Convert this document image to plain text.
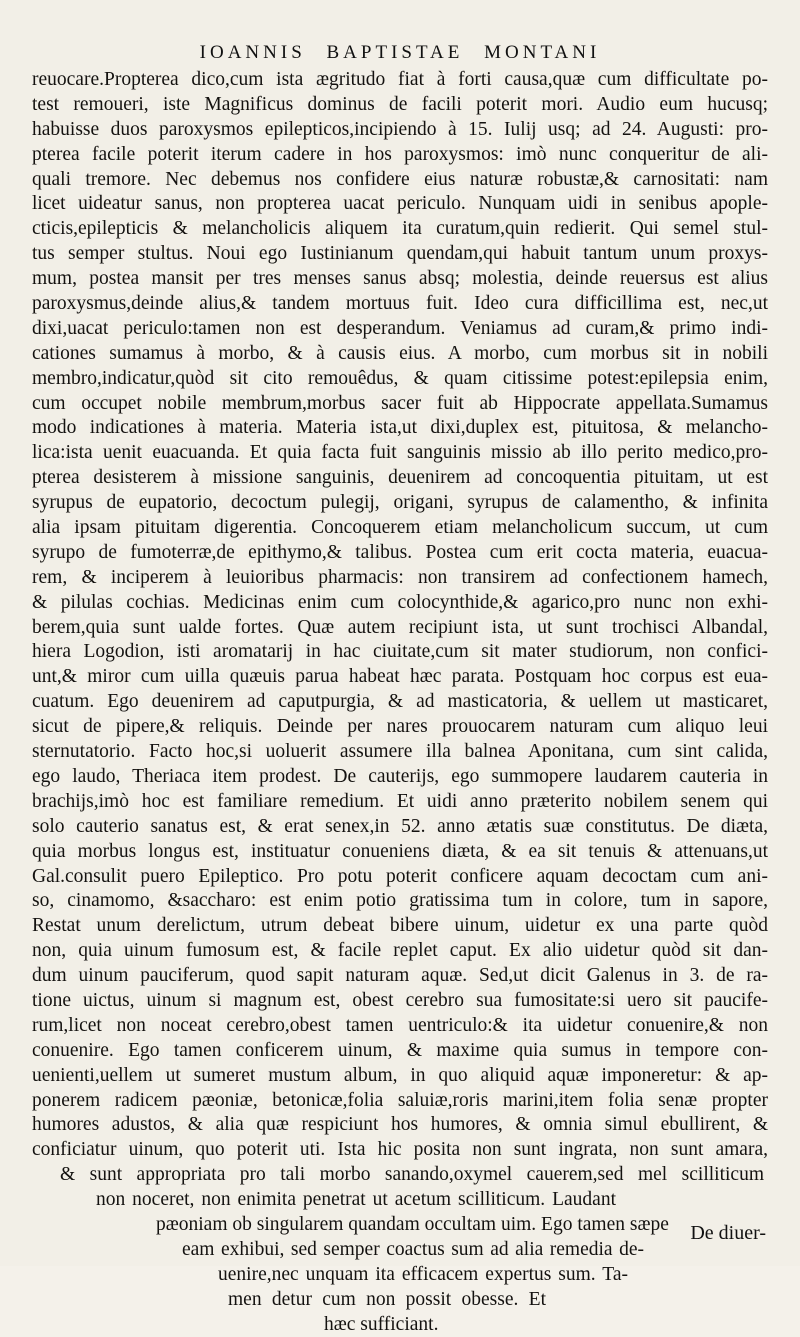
IOANNIS BAPTISTAE MONTANI
reuocare.Propterea dico,cum ista ægritudo fiat à forti causa,quæ cum difficultate po-
test remoueri, iste Magnificus dominus de facili poterit mori. Audio eum hucusq;
habuisse duos paroxysmos epilepticos,incipiendo à 15. Iulij usq; ad 24. Augusti: pro-
pterea facile poterit iterum cadere in hos paroxysmos: imò nunc conqueritur de ali-
quali tremore. Nec debemus nos confidere eius naturæ robustæ,& carnositati: nam
licet uideatur sanus, non propterea uacat periculo. Nunquam uidi in senibus apople-
cticis,epilepticis & melancholicis aliquem ita curatum,quin redierit. Qui semel stul-
tus semper stultus. Noui ego Iustinianum quendam,qui habuit tantum unum proxys-
mum, postea mansit per tres menses sanus absq; molestia, deinde reuersus est alius
paroxysmus,deinde alius,& tandem mortuus fuit. Ideo cura difficillima est, nec,ut
dixi,uacat periculo:tamen non est desperandum. Veniamus ad curam,& primo indi-
cationes sumamus à morbo, & à causis eius. A morbo, cum morbus sit in nobili
membro,indicatur,quòd sit cito remouêdus, & quam citissime potest:epilepsia enim,
cum occupet nobile membrum,morbus sacer fuit ab Hippocrate appellata.Sumamus
modo indicationes à materia. Materia ista,ut dixi,duplex est, pituitosa, & melancho-
lica:ista uenit euacuanda. Et quia facta fuit sanguinis missio ab illo perito medico,pro-
pterea desisterem à missione sanguinis, deuenirem ad concoquentia pituitam, ut est
syrupus de eupatorio, decoctum pulegij, origani, syrupus de calamentho, & infinita
alia ipsam pituitam digerentia. Concoquerem etiam melancholicum succum, ut cum
syrupo de fumoterræ,de epithymo,& talibus. Postea cum erit cocta materia, euacua-
rem, & inciperem à leuioribus pharmacis: non transirem ad confectionem hamech,
& pilulas cochias. Medicinas enim cum colocynthide,& agarico,pro nunc non exhi-
berem,quia sunt ualde fortes. Quæ autem recipiunt ista, ut sunt trochisci Albandal,
hiera Logodion, isti aromatarij in hac ciuitate,cum sit mater studiorum, non confici-
unt,& miror cum uilla quæuis parua habeat hæc parata. Postquam hoc corpus est eua-
cuatum. Ego deuenirem ad caputpurgia, & ad masticatoria, & uellem ut masticaret,
sicut de pipere,& reliquis. Deinde per nares prouocarem naturam cum aliquo leui
sternutatorio. Facto hoc,si uoluerit assumere illa balnea Aponitana, cum sint calida,
ego laudo, Theriaca item prodest. De cauterijs, ego summopere laudarem cauteria in
brachijs,imò hoc est familiare remedium. Et uidi anno præterito nobilem senem qui
solo cauterio sanatus est, & erat senex,in 52. anno ætatis suæ constitutus. De diæta,
quia morbus longus est, instituatur conueniens diæta, & ea sit tenuis & attenuans,ut
Gal.consulit puero Epileptico. Pro potu poterit conficere aquam decoctam cum ani-
so, cinamomo, &saccharo: est enim potio gratissima tum in colore, tum in sapore,
Restat unum derelictum, utrum debeat bibere uinum, uidetur ex una parte quòd
non, quia uinum fumosum est, & facile replet caput. Ex alio uidetur quòd sit dan-
dum uinum pauciferum, quod sapit naturam aquæ. Sed,ut dicit Galenus in 3. de ra-
tione uictus, uinum si magnum est, obest cerebro sua fumositate:si uero sit paucife-
rum,licet non noceat cerebro,obest tamen uentriculo:& ita uidetur conuenire,& non
conuenire. Ego tamen conficerem uinum, & maxime quia sumus in tempore con-
uenienti,uellem ut sumeret mustum album, in quo aliquid aquæ imponeretur: & ap-
ponerem radicem pæoniæ, betonicæ,folia saluiæ,roris marini,item folia senæ propter
humores adustos, & alia quæ respiciunt hos humores, & omnia simul ebullirent, &
conficiatur uinum, quo poterit uti. Ista hic posita non sunt ingrata, non sunt amara,
& sunt appropriata pro tali morbo sanando,oxymel cauerem,sed mel scilliticum
non noceret, non enimita penetrat ut acetum scilliticum. Laudant
pæoniam ob singularem quandam occultam uim. Ego tamen sæpe
eam exhibui, sed semper coactus sum ad alia remedia de-
uenire,nec unquam ita efficacem expertus sum. Ta-
men detur cum non possit obesse. Et
hæc sufficiant.

De diuer-
